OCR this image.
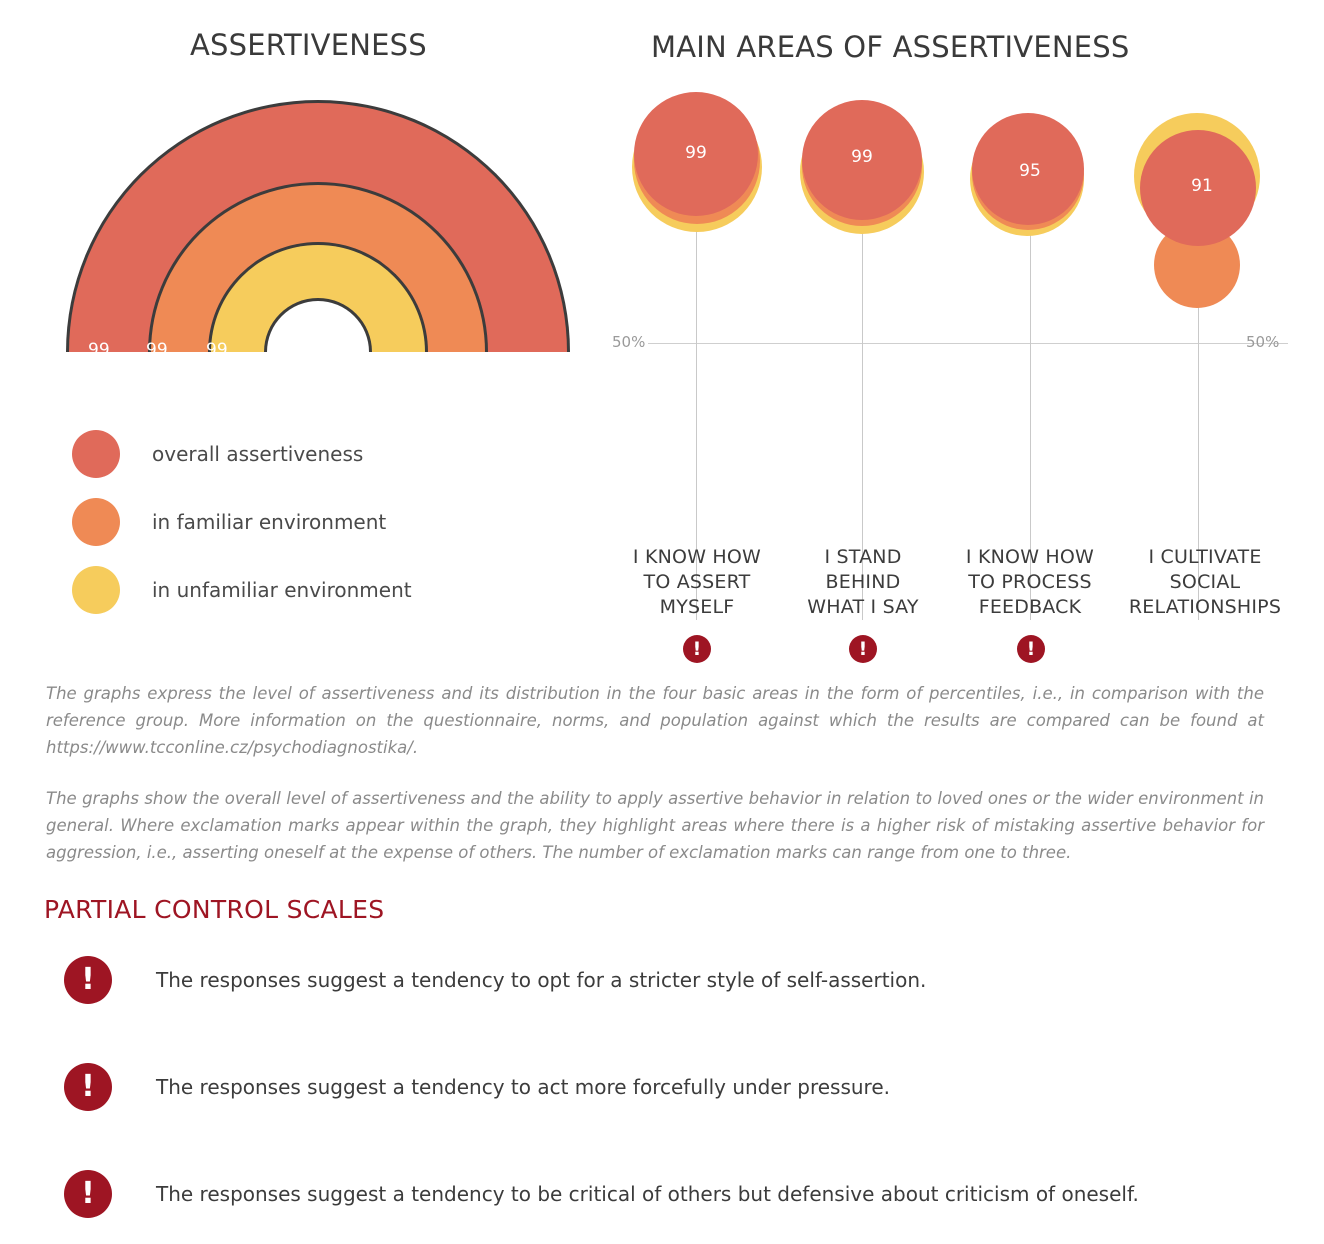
ASSERTIVENESS
99 99 99
overall assertiveness
in familiar environment
in unfamiliar environment
MAIN AREAS OF ASSERTIVENESS
50%	50%
99	99
95
91
I KNOW HOW
TO ASSERT
MYSELF
I STAND
BEHIND
WHAT I SAY
I KNOW HOW
TO PROCESS
FEEDBACK
I CULTIVATE
SOCIAL
RELATIONSHIPS
!	!	!
The graphs express the level of assertiveness and its distribution in the four basic areas in the form of percentiles, i.e., in comparison with the reference group. More information on the questionnaire, norms, and population against which the results are compared can be found at https://www.tcconline.cz/psychodiagnostika/.
The graphs show the overall level of assertiveness and the ability to apply assertive behavior in relation to loved ones or the wider environment in general. Where exclamation marks appear within the graph, they highlight areas where there is a higher risk of mistaking assertive behavior for aggression, i.e., asserting oneself at the expense of others. The number of exclamation marks can range from one to three.
PARTIAL CONTROL SCALES
!	The responses suggest a tendency to opt for a stricter style of self-assertion.
!	The responses suggest a tendency to act more forcefully under pressure.
!	The responses suggest a tendency to be critical of others but defensive about criticism of oneself.
